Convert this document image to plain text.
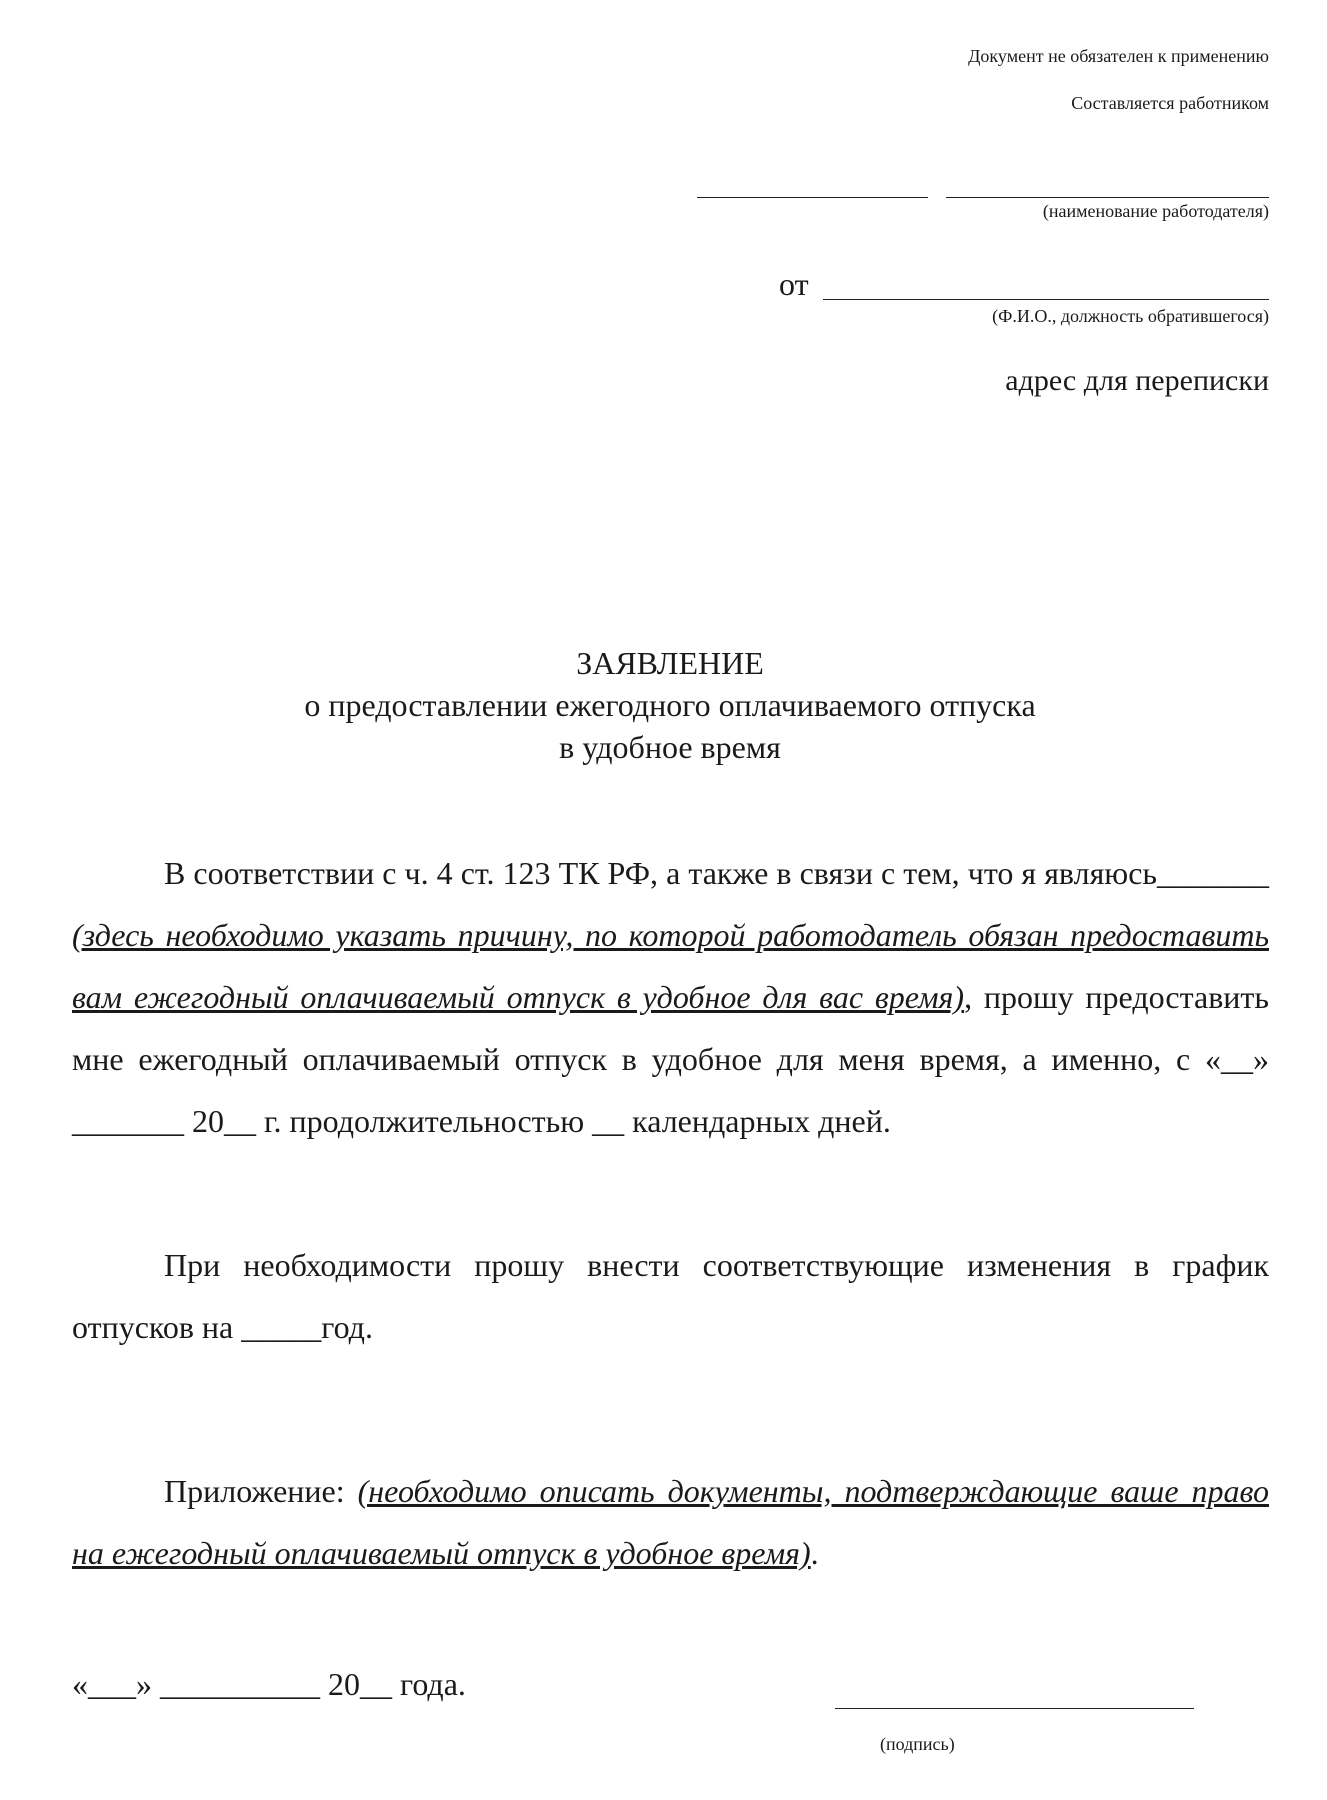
Документ не обязателен к применению
Составляется работником
(наименование работодателя)
от
(Ф.И.О., должность обратившегося)
адрес для переписки
ЗАЯВЛЕНИЕ
о предоставлении ежегодного оплачиваемого отпуска
в удобное время
В соответствии с ч. 4 ст. 123 ТК РФ, а также в связи с тем, что я являюсь_______ (здесь необходимо указать причину, по которой работодатель обязан предоставить вам ежегодный оплачиваемый отпуск в удобное для вас время), прошу предоставить мне ежегодный оплачиваемый отпуск в удобное для меня время, а именно, с «__» _______ 20__ г. продолжительностью __ календарных дней.
При необходимости прошу внести соответствующие изменения в график отпусков на _____год.
Приложение: (необходимо описать документы, подтверждающие ваше право на ежегодный оплачиваемый отпуск в удобное время).
«___» __________ 20__ года.
(подпись)
